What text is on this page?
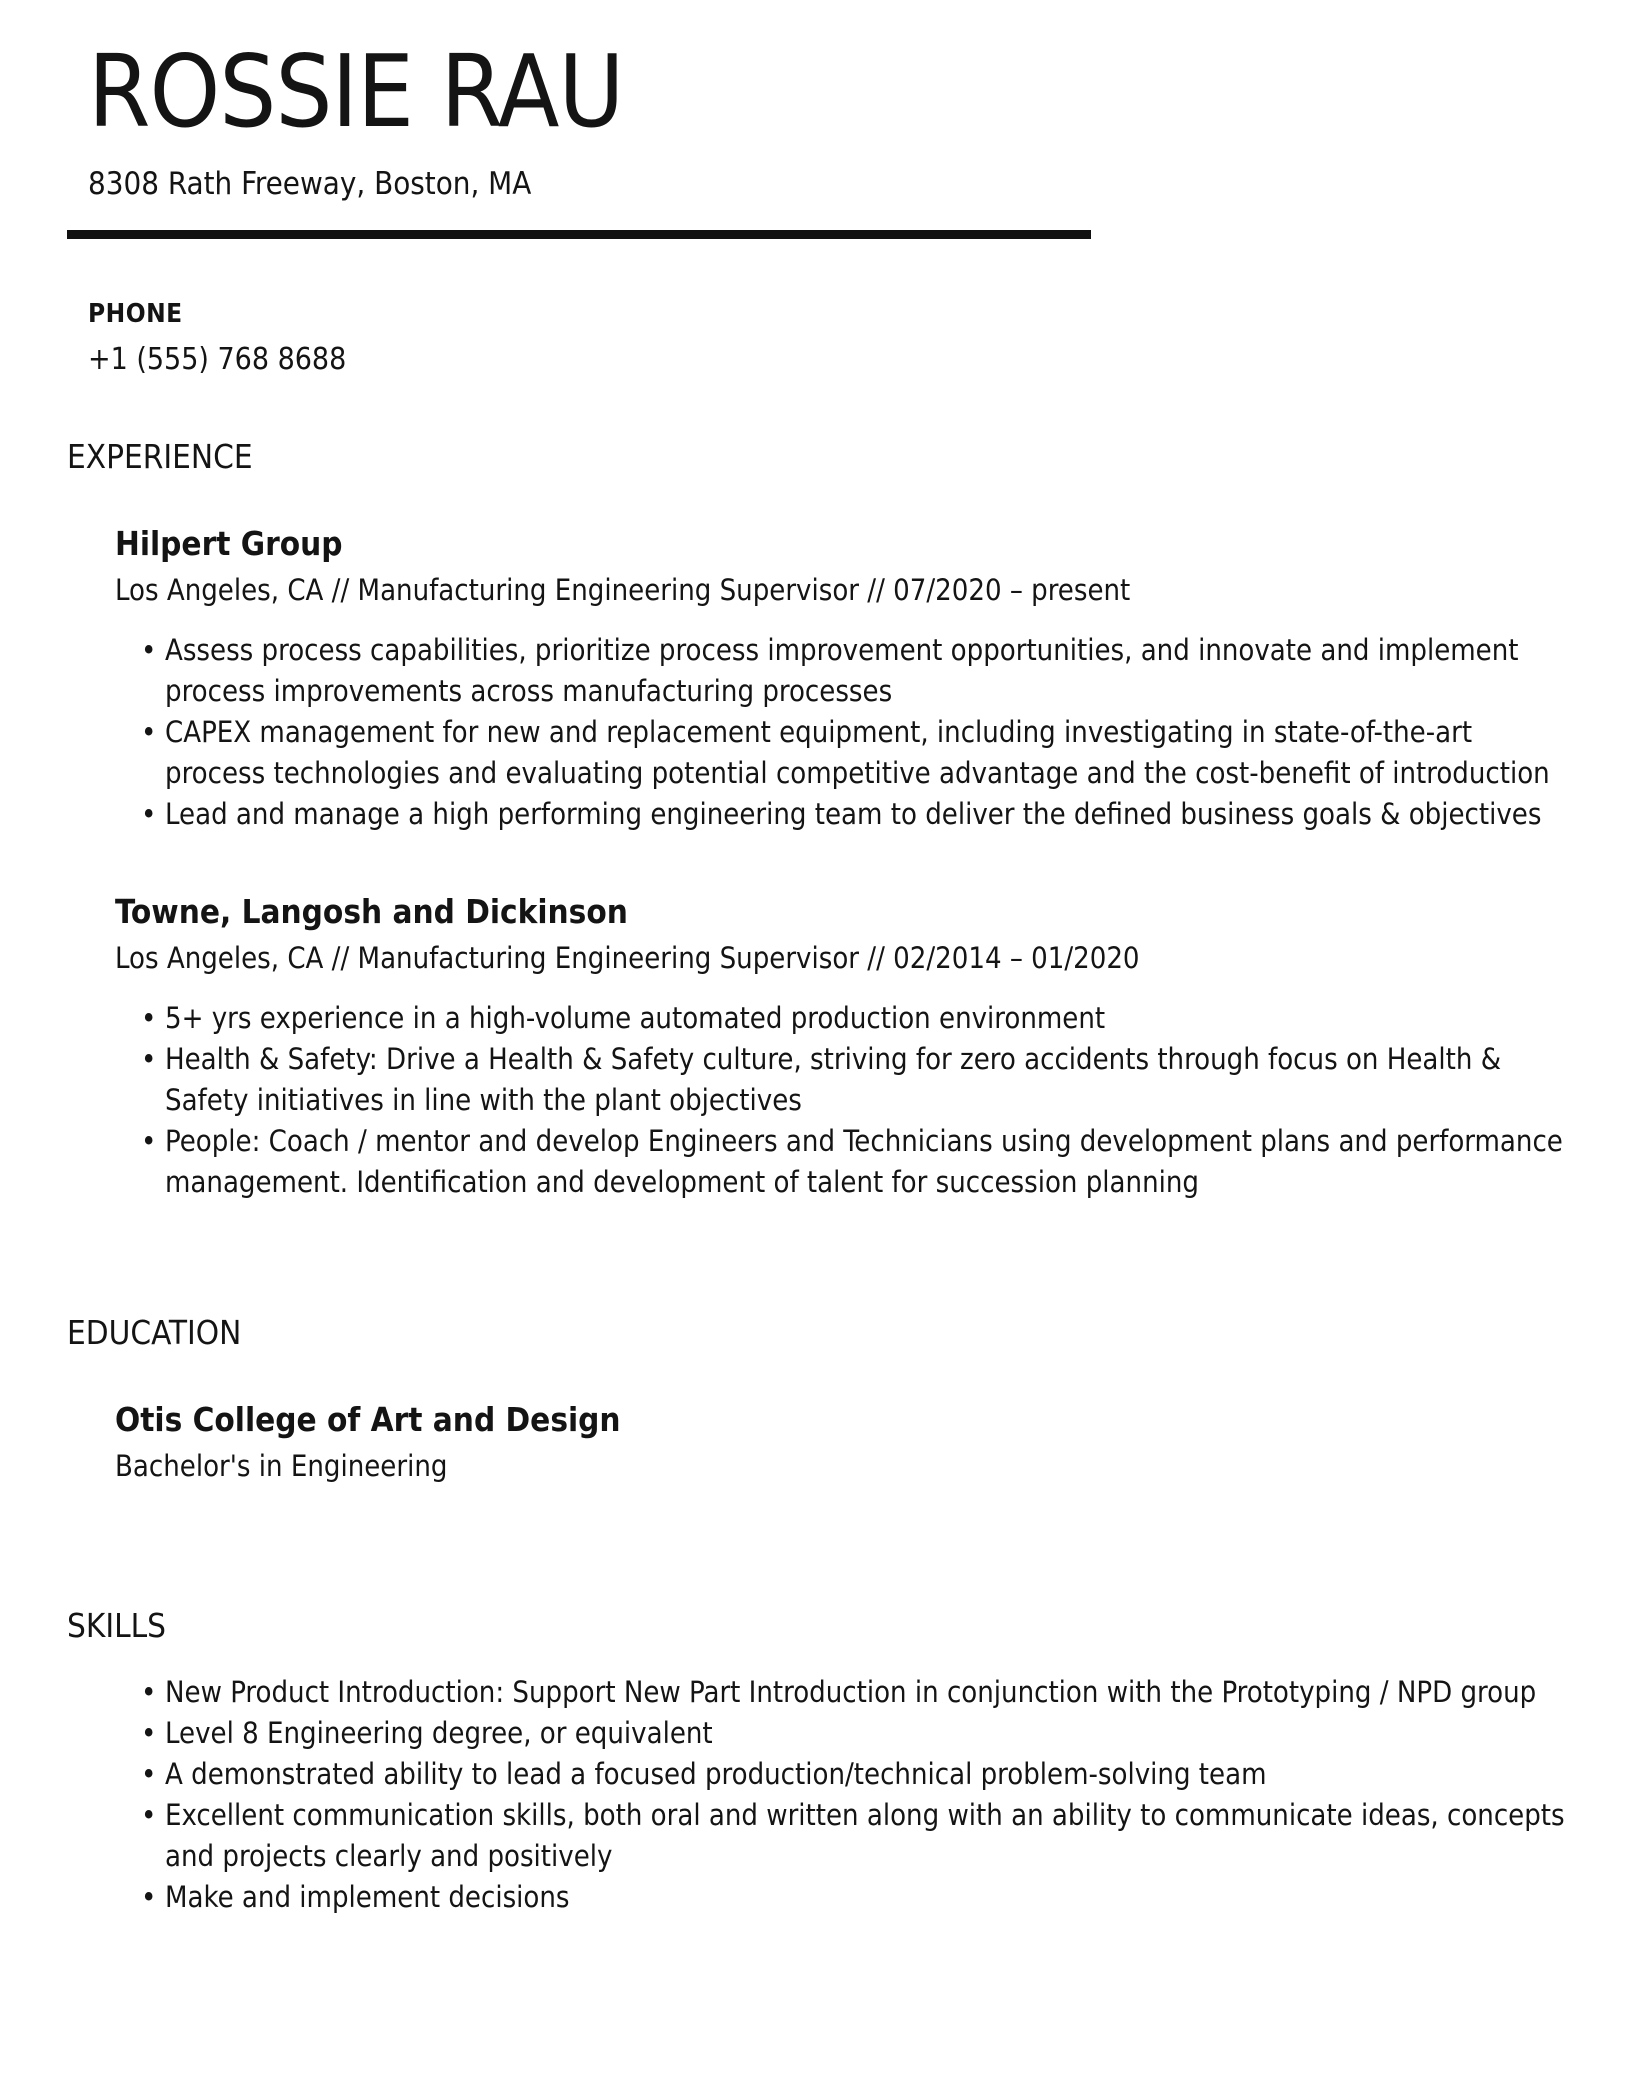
ROSSIE RAU

8308 Rath Freeway, Boston, MA

PHONE

+1 (555) 768 8688

EXPERIENCE
Hilpert Group

Los Angeles, CA // Manufacturing Engineering Supervisor // 07/2020 – present

• Assess process capabilities, prioritize process improvement opportunities, and innovate and implement process improvements across manufacturing processes
• CAPEX management for new and replacement equipment, including investigating in state-of-the-art process technologies and evaluating potential competitive advantage and the cost-benefit of introduction
• Lead and manage a high performing engineering team to deliver the defined business goals & objectives
Towne, Langosh and Dickinson

Los Angeles, CA // Manufacturing Engineering Supervisor // 02/2014 – 01/2020

• 5+ yrs experience in a high-volume automated production environment
• Health & Safety: Drive a Health & Safety culture, striving for zero accidents through focus on Health & Safety initiatives in line with the plant objectives
• People: Coach / mentor and develop Engineers and Technicians using development plans and performance management. Identification and development of talent for succession planning
EDUCATION
Otis College of Art and Design

Bachelor's in Engineering

SKILLS
• New Product Introduction: Support New Part Introduction in conjunction with the Prototyping / NPD group
• Level 8 Engineering degree, or equivalent
• A demonstrated ability to lead a focused production/technical problem-solving team
• Excellent communication skills, both oral and written along with an ability to communicate ideas, concepts and projects clearly and positively
• Make and implement decisions
